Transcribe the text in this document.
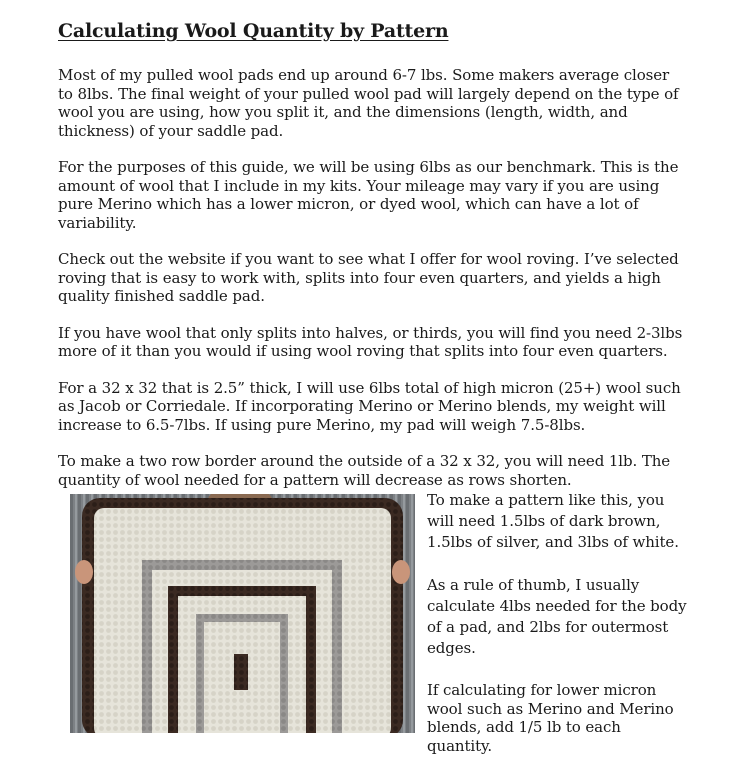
Calculating Wool Quantity by Pattern

Most of my pulled wool pads end up around 6-7 lbs. Some makers average closer to 8lbs. The final weight of your pulled wool pad will largely depend on the type of wool you are using, how you split it, and the dimensions (length, width, and thickness) of your saddle pad.

For the purposes of this guide, we will be using 6lbs as our benchmark. This is the amount of wool that I include in my kits. Your mileage may vary if you are using pure Merino which has a lower micron, or dyed wool, which can have a lot of variability.

Check out the website if you want to see what I offer for wool roving. I’ve selected roving that is easy to work with, splits into four even quarters, and yields a high quality finished saddle pad.

If you have wool that only splits into halves, or thirds, you will find you need 2-3lbs more of it than you would if using wool roving that splits into four even quarters.

For a 32 x 32 that is 2.5” thick, I will use 6lbs total of high micron (25+) wool such as Jacob or Corriedale. If incorporating Merino or Merino blends, my weight will increase to 6.5-7lbs. If using pure Merino, my pad will weigh 7.5-8lbs.

To make a two row border around the outside of a 32 x 32, you will need 1lb. The quantity of wool needed for a pattern will decrease as rows shorten.

To make a pattern like this, you will need 1.5lbs of dark brown, 1.5lbs of silver, and 3lbs of white.

As a rule of thumb, I usually calculate 4lbs needed for the body of a pad, and 2lbs for outermost edges.

If calculating for lower micron wool such as Merino and Merino blends, add 1/5 lb to each quantity.
